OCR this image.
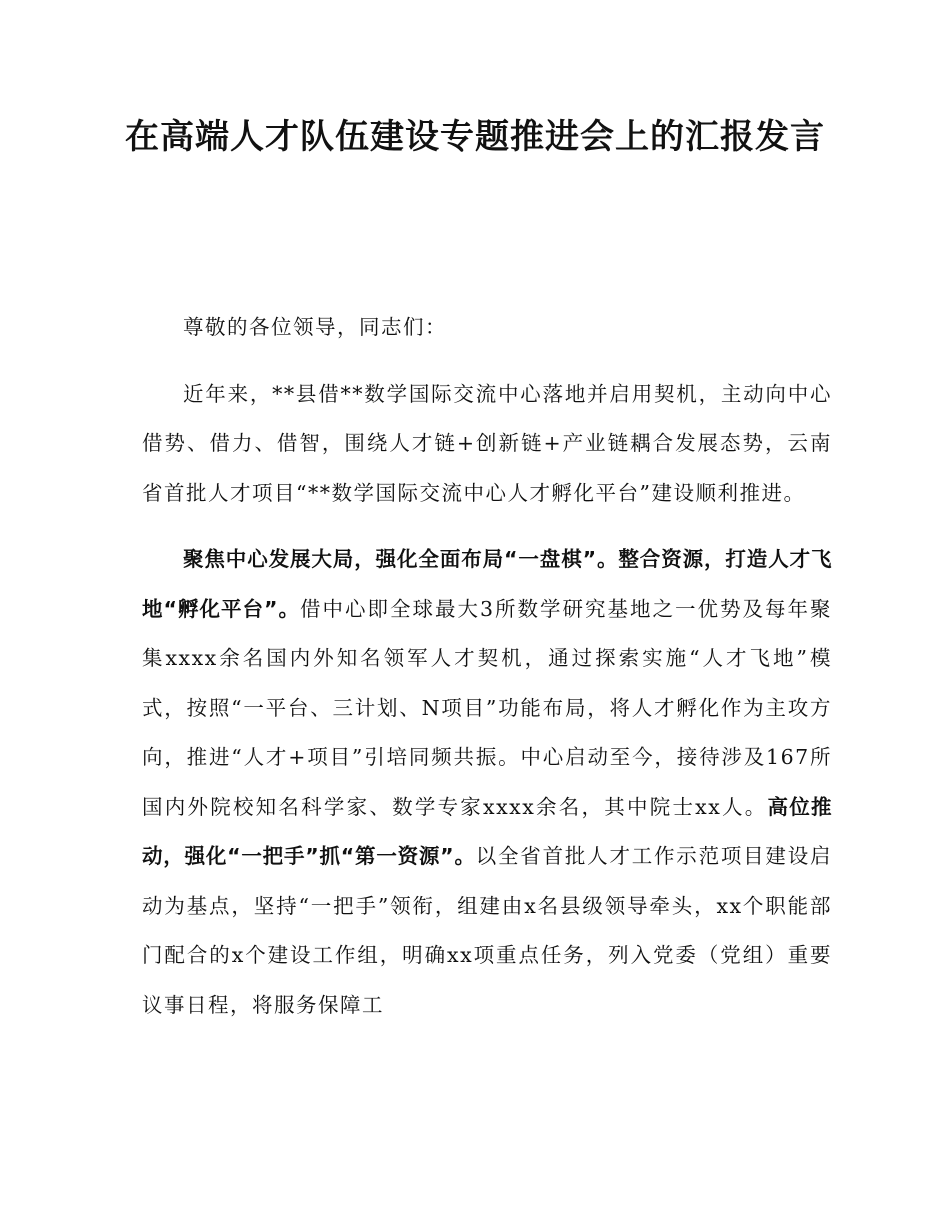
在高端人才队伍建设专题推进会上的汇报发言

尊敬的各位领导，同志们：

近年来，**县借**数学国际交流中心落地并启用契机，主动向中心借势、借力、借智，围绕人才链+创新链+产业链耦合发展态势，云南省首批人才项目“**数学国际交流中心人才孵化平台”建设顺利推进。

聚焦中心发展大局，强化全面布局“一盘棋”。整合资源，打造人才飞地“孵化平台”。借中心即全球最大3所数学研究基地之一优势及每年聚集xxxx余名国内外知名领军人才契机，通过探索实施“人才飞地”模式，按照“一平台、三计划、N项目”功能布局，将人才孵化作为主攻方向，推进“人才+项目”引培同频共振。中心启动至今，接待涉及167所国内外院校知名科学家、数学专家xxxx余名，其中院士xx人。高位推动，强化“一把手”抓“第一资源”。以全省首批人才工作示范项目建设启动为基点，坚持“一把手”领衔，组建由x名县级领导牵头，xx个职能部门配合的x个建设工作组，明确xx项重点任务，列入党委（党组）重要议事日程，将服务保障工
